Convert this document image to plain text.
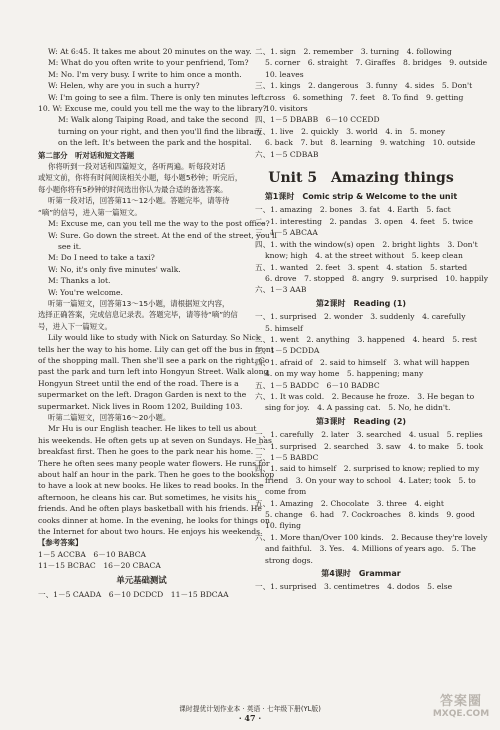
W: At 6:45. It takes me about 20 minutes on the way.

M: What do you often write to your penfriend, Tom?

M: No. I'm very busy. I write to him once a month.

W: Helen, why are you in such a hurry?

W: I'm going to see a film. There is only ten minutes left.

10. W: Excuse me, could you tell me the way to the library?

M: Walk along Taiping Road, and take the second

turning on your right, and then you'll find the library

on the left. It's between the park and the hospital.

第二部分　听对话和短文答题

你将听到一段对话和四篇短文，各听两遍。听每段对话

或短文前，你将有时间阅读相关小题，每小题5秒钟；听完后，

每小题你将有5秒钟的时间选出你认为最合适的备选答案。

听第一段对话，回答第11～12小题。答题完毕，请等待

“嘀”的信号，进入第一篇短文。

M: Excuse me, can you tell me the way to the post office?

W: Sure. Go down the street. At the end of the street, you'll

see it.

M: Do I need to take a taxi?

W: No, it's only five minutes' walk.

M: Thanks a lot.

W: You're welcome.

听第一篇短文，回答第13～15小题，请根据短文内容，

选择正确答案，完成信息记录表。答题完毕，请等待“嘀”的信

号，进入下一篇短文。

Lily would like to study with Nick on Saturday. So Nick

tells her the way to his home. Lily can get off the bus in front

of the shopping mall. Then she'll see a park on the right. Go

past the park and turn left into Hongyun Street. Walk along

Hongyun Street until the end of the road. There is a

supermarket on the left. Dragon Garden is next to the

supermarket. Nick lives in Room 1202, Building 103.

听第二篇短文，回答第16～20小题。

Mr Hu is our English teacher. He likes to tell us about

his weekends. He often gets up at seven on Sundays. He has

breakfast first. Then he goes to the park near his home.

There he often sees many people water flowers. He runs for

about half an hour in the park. Then he goes to the bookshop

to have a look at new books. He likes to read books. In the

afternoon, he cleans his car. But sometimes, he visits his

friends. And he often plays basketball with his friends. He

cooks dinner at home. In the evening, he looks for things on

the Internet for about two hours. He enjoys his weekends.

【参考答案】

1－5 ACCBA　6－10 BABCA

11－15 BCBAC　16－20 CBACA

单元基础测试

一、1－5 CAADA　6－10 DCDCD　11－15 BDCAA

二、1. sign　2. remember　3. turning　4. following

5. corner　6. straight　7. Giraffes　8. bridges　9. outside

10. leaves

三、1. kings　2. dangerous　3. funny　4. sides　5. Don't

cross　6. something　7. feet　8. To find　9. getting

10. visitors

四、1－5 DBABB　6－10 CCEDD

五、1. live　2. quickly　3. world　4. in　5. money

6. back　7. but　8. learning　9. watching　10. outside

六、1－5 CDBAB

Unit 5　Amazing things

第1课时　Comic strip & Welcome to the unit

一、1. amazing　2. bones　3. fat　4. Earth　5. fact

二、1. interesting　2. pandas　3. open　4. feet　5. twice

三、1－5 ABCAA

四、1. with the window(s) open　2. bright lights　3. Don't

know; high　4. at the street without　5. keep clean

五、1. wanted　2. feet　3. spent　4. station　5. started

6. drove　7. stopped　8. angry　9. surprised　10. happily

六、1－3 AAB

第2课时　Reading (1)

一、1. surprised　2. wonder　3. suddenly　4. carefully

5. himself

二、1. went　2. anything　3. happened　4. heard　5. rest

三、1－5 DCDDA

四、1. afraid of　2. said to himself　3. what will happen

4. on my way home　5. happening; many

五、1－5 BADDC　6－10 BADBC

六、1. It was cold.　2. Because he froze.　3. He began to

sing for joy.　4. A passing cat.　5. No, he didn't.

第3课时　Reading (2)

一、1. carefully　2. later　3. searched　4. usual　5. replies

二、1. surprised　2. searched　3. saw　4. to make　5. took

三、1－5 BABDC

四、1. said to himself　2. surprised to know; replied to my

friend　3. On your way to school　4. Later; took　5. to

come from

五、1. Amazing　2. Chocolate　3. three　4. eight

5. change　6. had　7. Cockroaches　8. kinds　9. good

10. flying

六、1. More than/Over 100 kinds.　2. Because they're lovely

and faithful.　3. Yes.　4. Millions of years ago.　5. The

strong dogs.

第4课时　Grammar

一、1. surprised　3. centimetres　4. dodos　5. else

课时提优计划作业本 · 英语 · 七年级下册(YL版)

· 47 ·

答案圈
MXQE.COM
